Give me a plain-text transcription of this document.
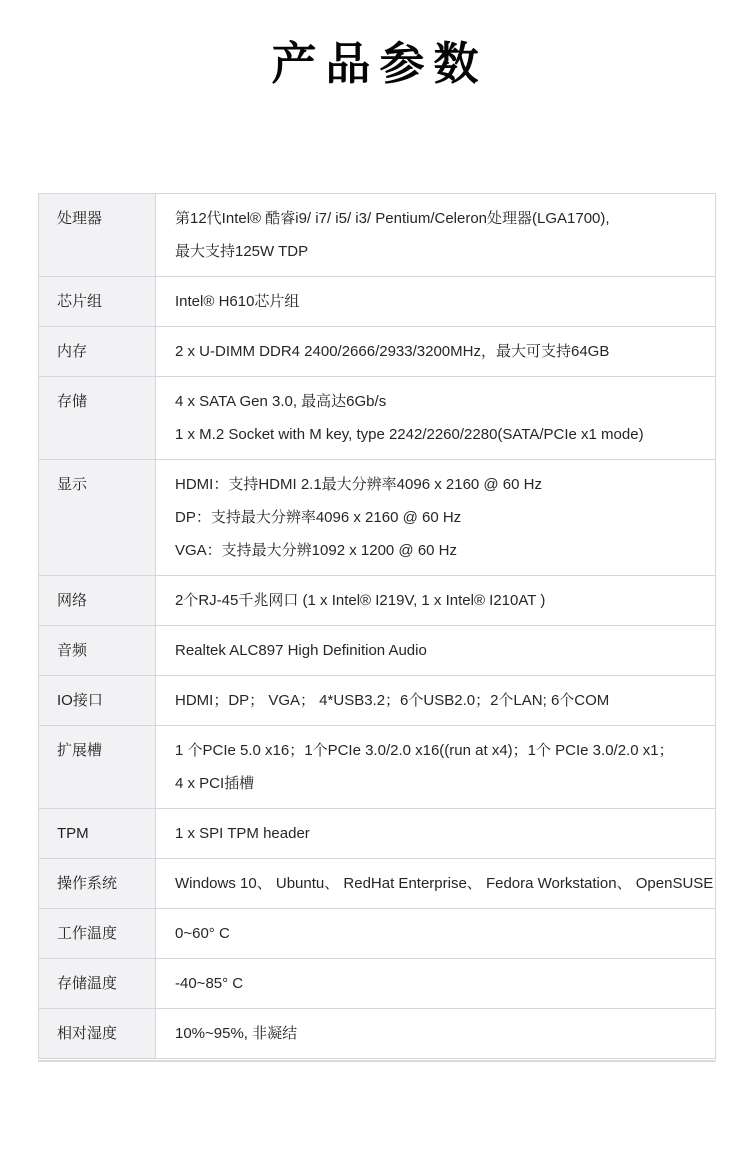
产品参数
处理器	第12代Intel® 酷睿i9/ i7/ i5/ i3/ Pentium/Celeron处理器(LGA1700),
最大支持125W TDP

芯片组	Intel® H610芯片组

内存	2 x U-DIMM DDR4 2400/2666/2933/3200MHz，最大可支持64GB

存储	4 x SATA Gen 3.0, 最高达6Gb/s
1 x M.2 Socket with M key, type 2242/2260/2280(SATA/PCIe x1 mode)

显示	HDMI：支持HDMI 2.1最大分辨率4096 x 2160 @ 60 Hz
DP：支持最大分辨率4096 x 2160 @ 60 Hz
VGA：支持最大分辨1092 x 1200 @ 60 Hz

网络	2个RJ-45千兆网口 (1 x Intel® I219V, 1 x Intel® I210AT )

音频	Realtek ALC897 High Definition Audio

IO接口	HDMI；DP； VGA； 4*USB3.2；6个USB2.0；2个LAN; 6个COM

扩展槽	1 个PCIe 5.0 x16；1个PCIe 3.0/2.0 x16((run at x4)；1个 PCIe 3.0/2.0 x1；
4 x PCI插槽

TPM	1 x SPI TPM header

操作系统	Windows 10、 Ubuntu、 RedHat Enterprise、 Fedora Workstation、 OpenSUSE

工作温度	0~60° C

存储温度	-40~85° C

相对湿度	10%~95%, 非凝结
